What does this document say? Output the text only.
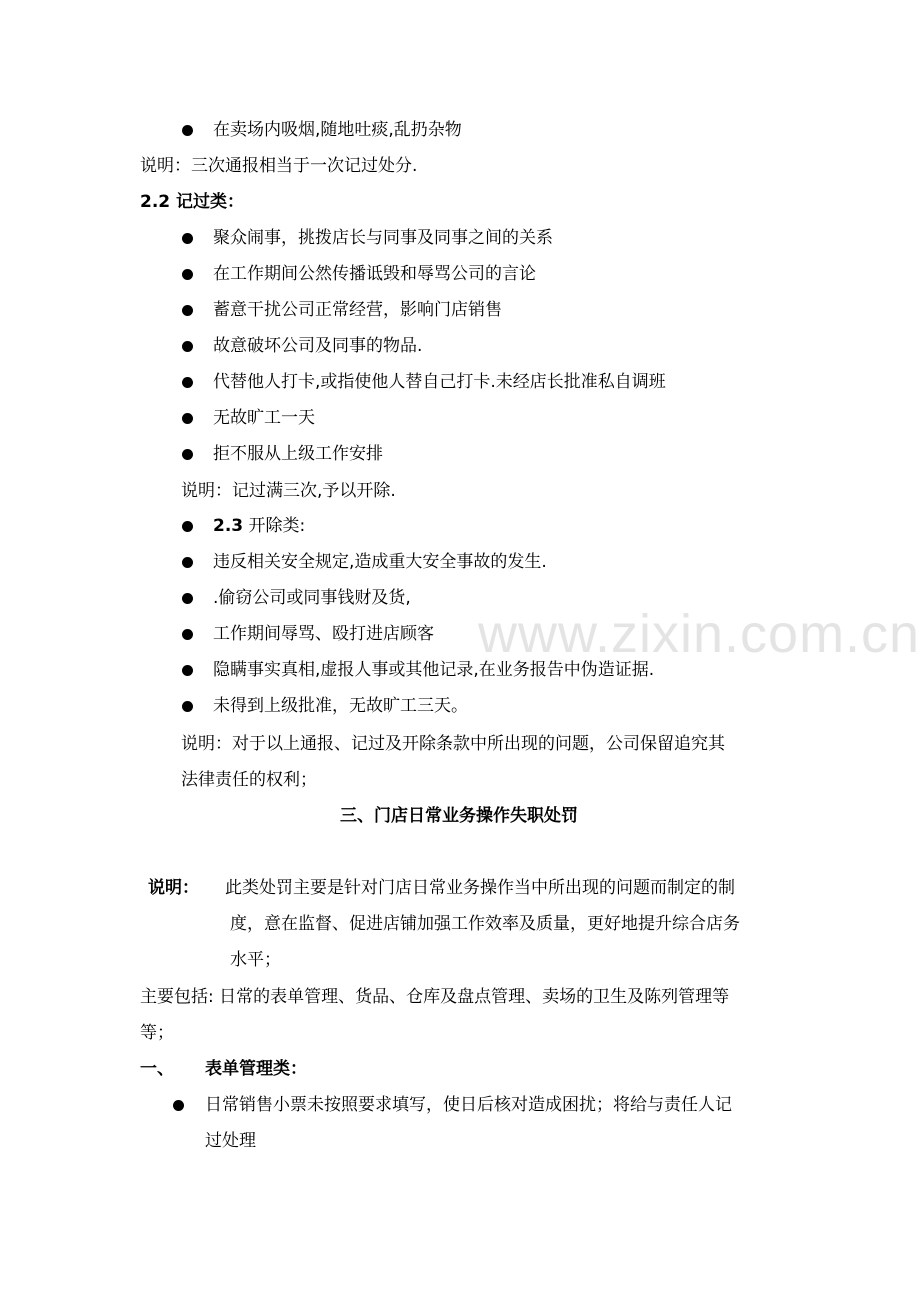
www.zixin.com.cn
在卖场内吸烟,随地吐痰,乱扔杂物
说明：三次通报相当于一次记过处分.
2.2 记过类：
聚众闹事，挑拨店长与同事及同事之间的关系
在工作期间公然传播诋毁和辱骂公司的言论
蓄意干扰公司正常经营，影响门店销售
故意破坏公司及同事的物品.
代替他人打卡,或指使他人替自己打卡.未经店长批准私自调班
无故旷工一天
拒不服从上级工作安排
说明：记过满三次,予以开除.
2.3 开除类:
违反相关安全规定,造成重大安全事故的发生.
.偷窃公司或同事钱财及货,
工作期间辱骂、殴打进店顾客
隐瞒事实真相,虚报人事或其他记录,在业务报告中伪造证据.
未得到上级批准，无故旷工三天。
说明：对于以上通报、记过及开除条款中所出现的问题，公司保留追究其
法律责任的权利；
三、门店日常业务操作失职处罚
说明： 此类处罚主要是针对门店日常业务操作当中所出现的问题而制定的制
度，意在监督、促进店铺加强工作效率及质量，更好地提升综合店务
水平；
主要包括: 日常的表单管理、货品、仓库及盘点管理、卖场的卫生及陈列管理等
等；
一、 表单管理类：
日常销售小票未按照要求填写，使日后核对造成困扰；将给与责任人记
过处理
